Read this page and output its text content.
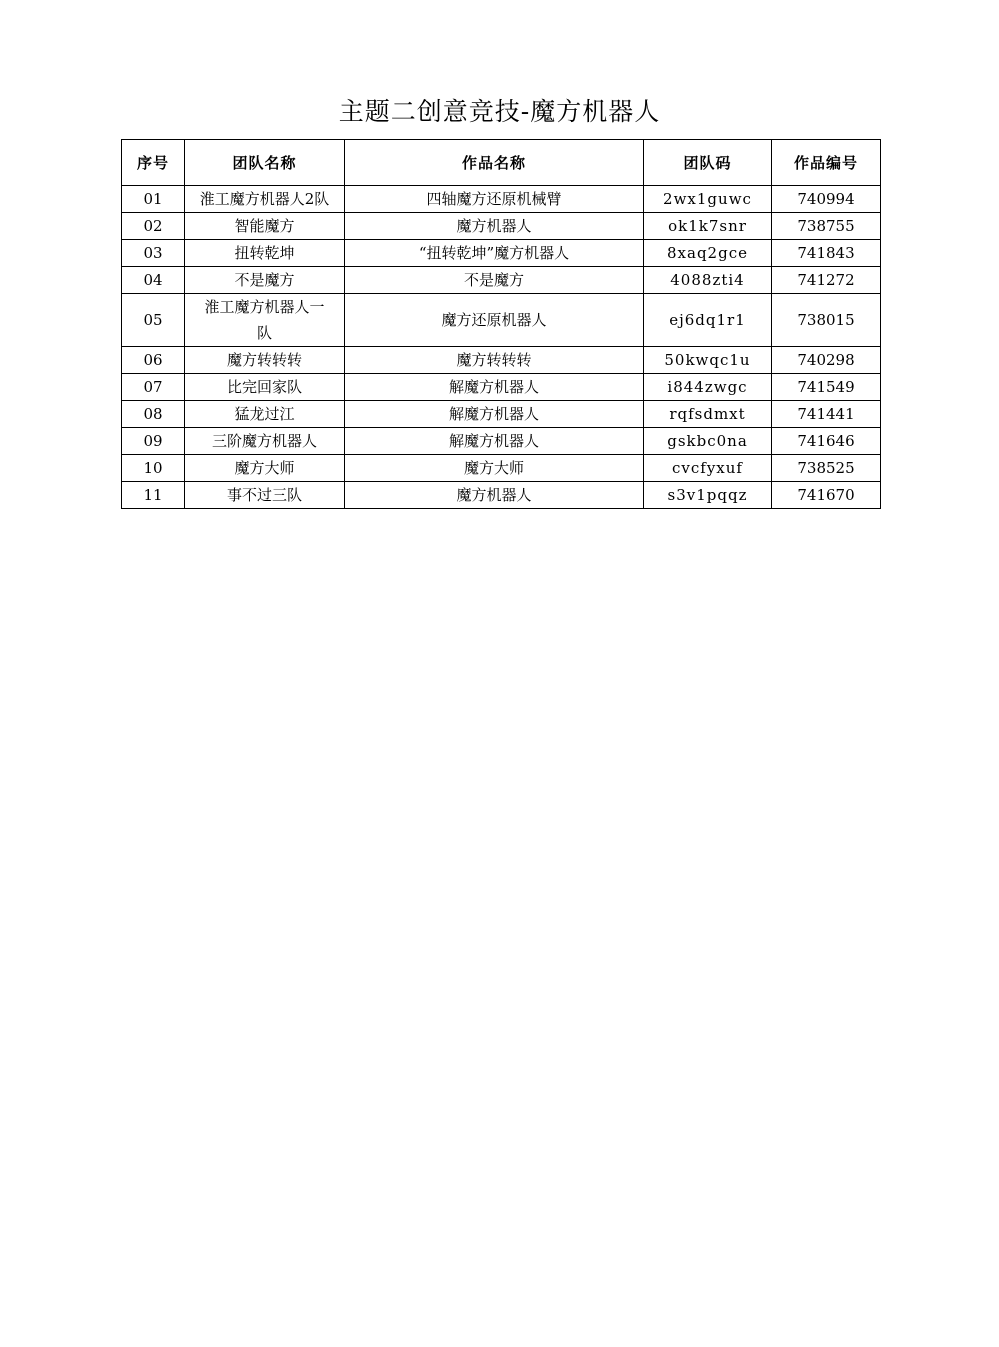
主题二创意竞技-魔方机器人
序号	团队名称	作品名称	团队码	作品编号
01	淮工魔方机器人2队	四轴魔方还原机械臂	2wx1guwc	740994
02	智能魔方	魔方机器人	ok1k7snr	738755
03	扭转乾坤	“扭转乾坤”魔方机器人	8xaq2gce	741843
04	不是魔方	不是魔方	4088zti4	741272
05	淮工魔方机器人一队	魔方还原机器人	ej6dq1r1	738015
06	魔方转转转	魔方转转转	50kwqc1u	740298
07	比完回家队	解魔方机器人	i844zwgc	741549
08	猛龙过江	解魔方机器人	rqfsdmxt	741441
09	三阶魔方机器人	解魔方机器人	gskbc0na	741646
10	魔方大师	魔方大师	cvcfyxuf	738525
11	事不过三队	魔方机器人	s3v1pqqz	741670
